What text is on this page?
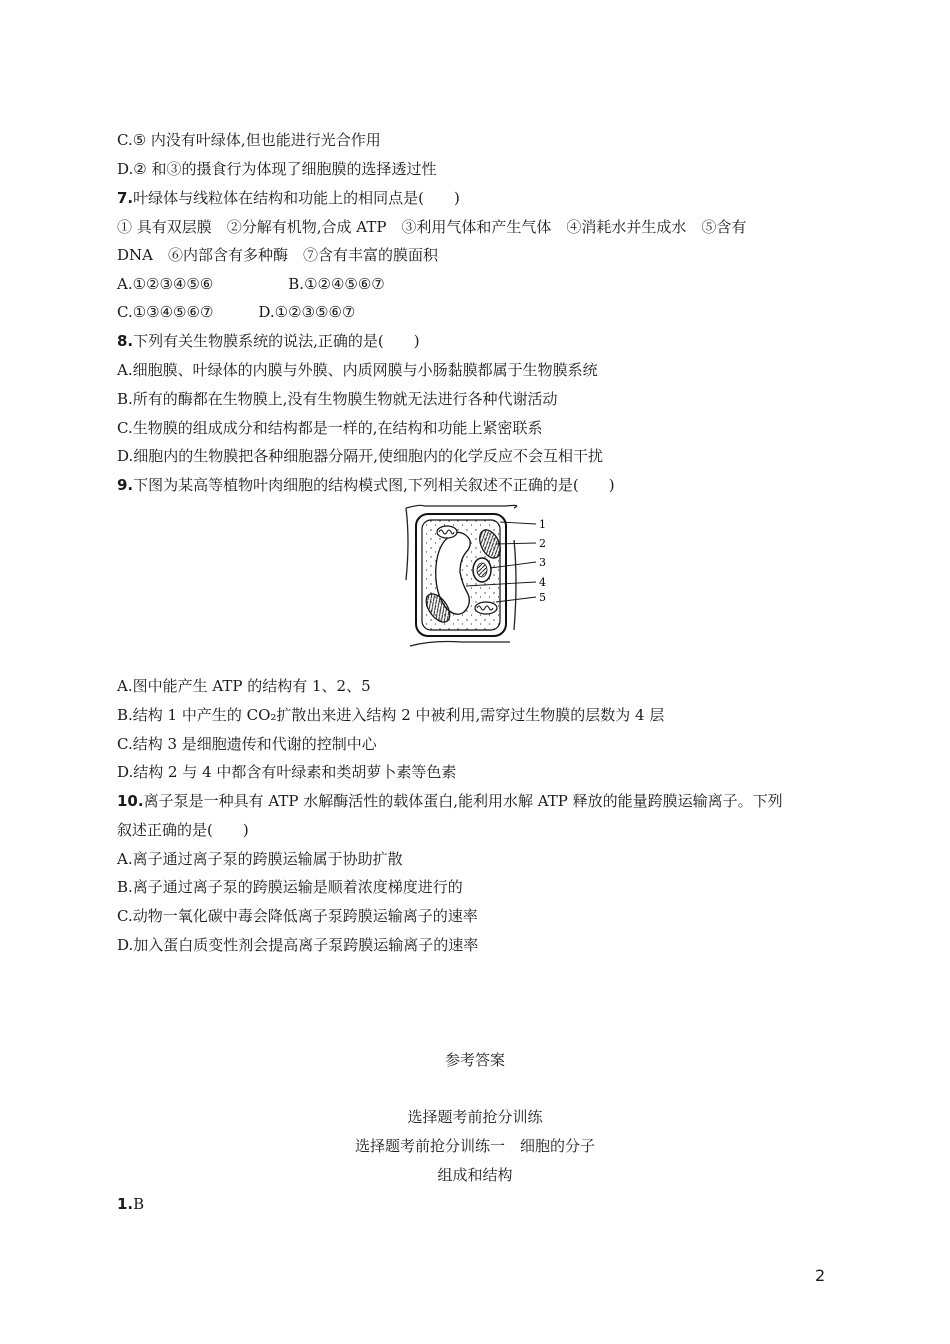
C.⑤ 内没有叶绿体,但也能进行光合作用
D.② 和③的摄食行为体现了细胞膜的选择透过性
7.叶绿体与线粒体在结构和功能上的相同点是(　　)
① 具有双层膜　②分解有机物,合成 ATP　③利用气体和产生气体　④消耗水并生成水　⑤含有
DNA　⑥内部含有多种酶　⑦含有丰富的膜面积
A.①②③④⑤⑥　　　　　B.①②④⑤⑥⑦
C.①③④⑤⑥⑦　　　D.①②③⑤⑥⑦
8.下列有关生物膜系统的说法,正确的是(　　)
A.细胞膜、叶绿体的内膜与外膜、内质网膜与小肠黏膜都属于生物膜系统
B.所有的酶都在生物膜上,没有生物膜生物就无法进行各种代谢活动
C.生物膜的组成成分和结构都是一样的,在结构和功能上紧密联系
D.细胞内的生物膜把各种细胞器分隔开,使细胞内的化学反应不会互相干扰
9.下图为某高等植物叶肉细胞的结构模式图,下列相关叙述不正确的是(　　)
1
2
3
4
5
A.图中能产生 ATP 的结构有 1、2、5
B.结构 1 中产生的 CO₂扩散出来进入结构 2 中被利用,需穿过生物膜的层数为 4 层
C.结构 3 是细胞遗传和代谢的控制中心
D.结构 2 与 4 中都含有叶绿素和类胡萝卜素等色素
10.离子泵是一种具有 ATP 水解酶活性的载体蛋白,能利用水解 ATP 释放的能量跨膜运输离子。下列
叙述正确的是(　　)
A.离子通过离子泵的跨膜运输属于协助扩散
B.离子通过离子泵的跨膜运输是顺着浓度梯度进行的
C.动物一氧化碳中毒会降低离子泵跨膜运输离子的速率
D.加入蛋白质变性剂会提高离子泵跨膜运输离子的速率
参考答案
选择题考前抢分训练
选择题考前抢分训练一　细胞的分子
组成和结构
1.B
2
